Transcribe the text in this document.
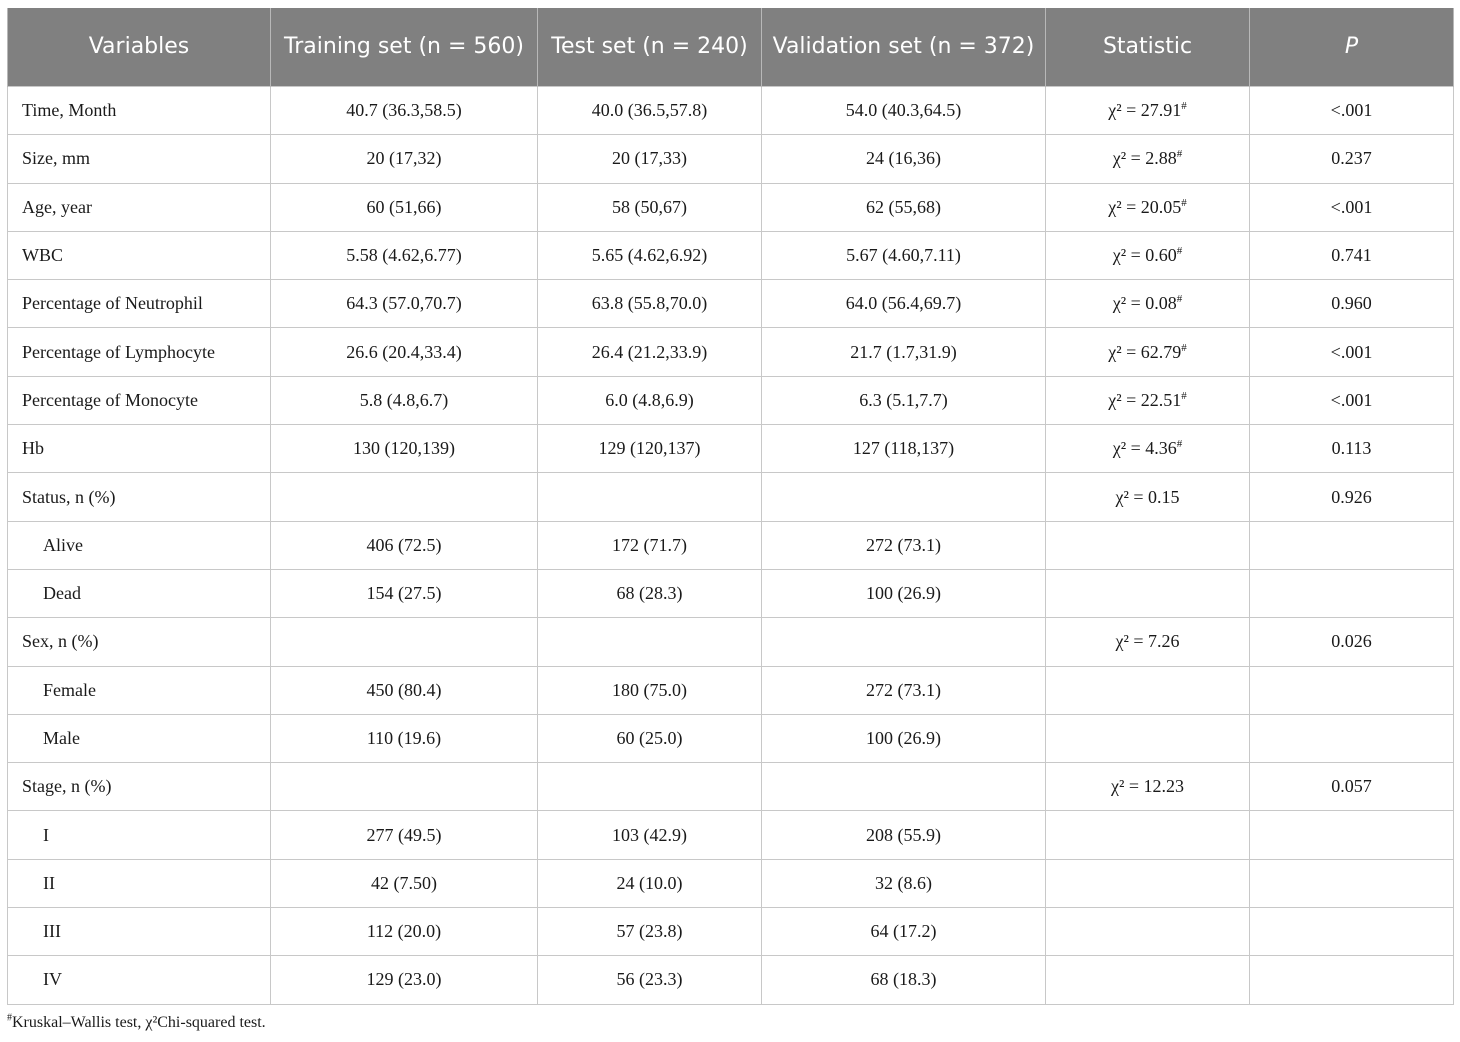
Variables	Training set (n = 560)	Test set (n = 240)	Validation set (n = 372)	Statistic	P
Time, Month	40.7 (36.3,58.5)	40.0 (36.5,57.8)	54.0 (40.3,64.5)	χ² = 27.91#	<.001
Size, mm	20 (17,32)	20 (17,33)	24 (16,36)	χ² = 2.88#	0.237
Age, year	60 (51,66)	58 (50,67)	62 (55,68)	χ² = 20.05#	<.001
WBC	5.58 (4.62,6.77)	5.65 (4.62,6.92)	5.67 (4.60,7.11)	χ² = 0.60#	0.741
Percentage of Neutrophil	64.3 (57.0,70.7)	63.8 (55.8,70.0)	64.0 (56.4,69.7)	χ² = 0.08#	0.960
Percentage of Lymphocyte	26.6 (20.4,33.4)	26.4 (21.2,33.9)	21.7 (1.7,31.9)	χ² = 62.79#	<.001
Percentage of Monocyte	5.8 (4.8,6.7)	6.0 (4.8,6.9)	6.3 (5.1,7.7)	χ² = 22.51#	<.001
Hb	130 (120,139)	129 (120,137)	127 (118,137)	χ² = 4.36#	0.113
Status, n (%)				χ² = 0.15	0.926
Alive	406 (72.5)	172 (71.7)	272 (73.1)		
Dead	154 (27.5)	68 (28.3)	100 (26.9)		
Sex, n (%)				χ² = 7.26	0.026
Female	450 (80.4)	180 (75.0)	272 (73.1)		
Male	110 (19.6)	60 (25.0)	100 (26.9)		
Stage, n (%)				χ² = 12.23	0.057
I	277 (49.5)	103 (42.9)	208 (55.9)		
II	42 (7.50)	24 (10.0)	32 (8.6)		
III	112 (20.0)	57 (23.8)	64 (17.2)		
IV	129 (23.0)	56 (23.3)	68 (18.3)		
#Kruskal–Wallis test, χ²Chi-squared test.
